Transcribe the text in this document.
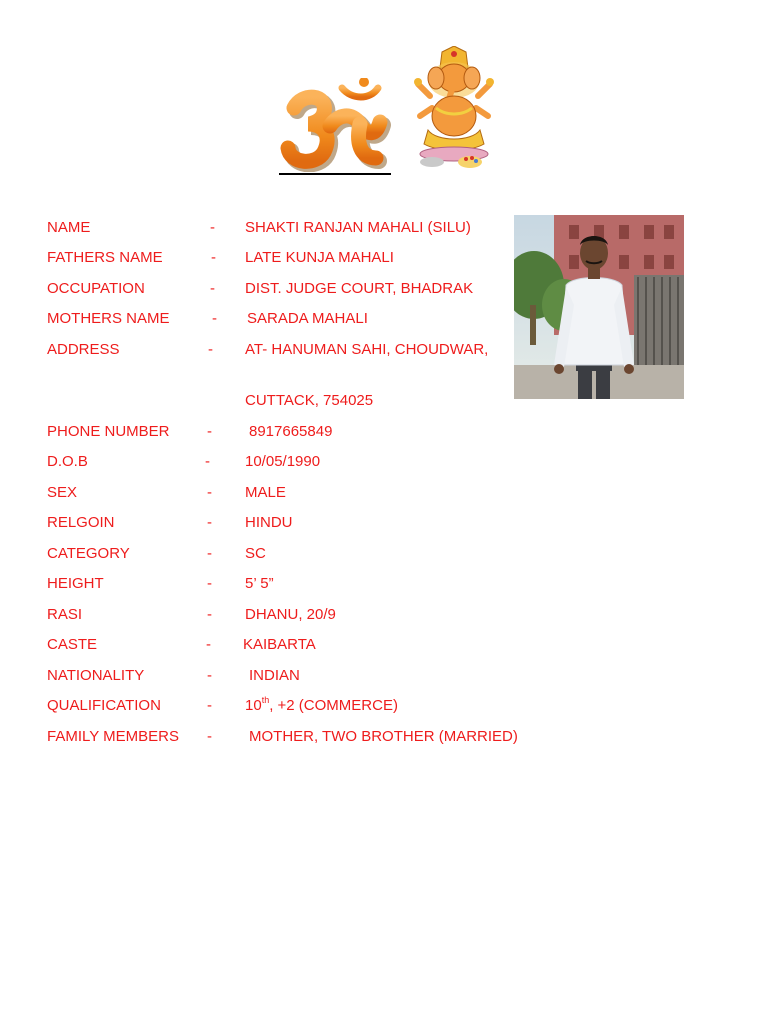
NAME	- SHAKTI RANJAN MAHALI (SILU)
FATHERS NAME	- LATE KUNJA MAHALI
OCCUPATION	- DIST. JUDGE COURT, BHADRAK
MOTHERS NAME	- SARADA MAHALI
ADDRESS	- AT- HANUMAN SAHI, CHOUDWAR,
CUTTACK, 754025
PHONE NUMBER - 8917665849
D.O.B	- 10/05/1990
SEX	- MALE
RELGOIN	- HINDU
CATEGORY	- SC
HEIGHT	- 5’ 5”
RASI	- DHANU, 20/9
CASTE	- KAIBARTA
NATIONALITY	- INDIAN
QUALIFICATION	- 10th, +2 (COMMERCE)
FAMILY MEMBERS - MOTHER, TWO BROTHER (MARRIED)
